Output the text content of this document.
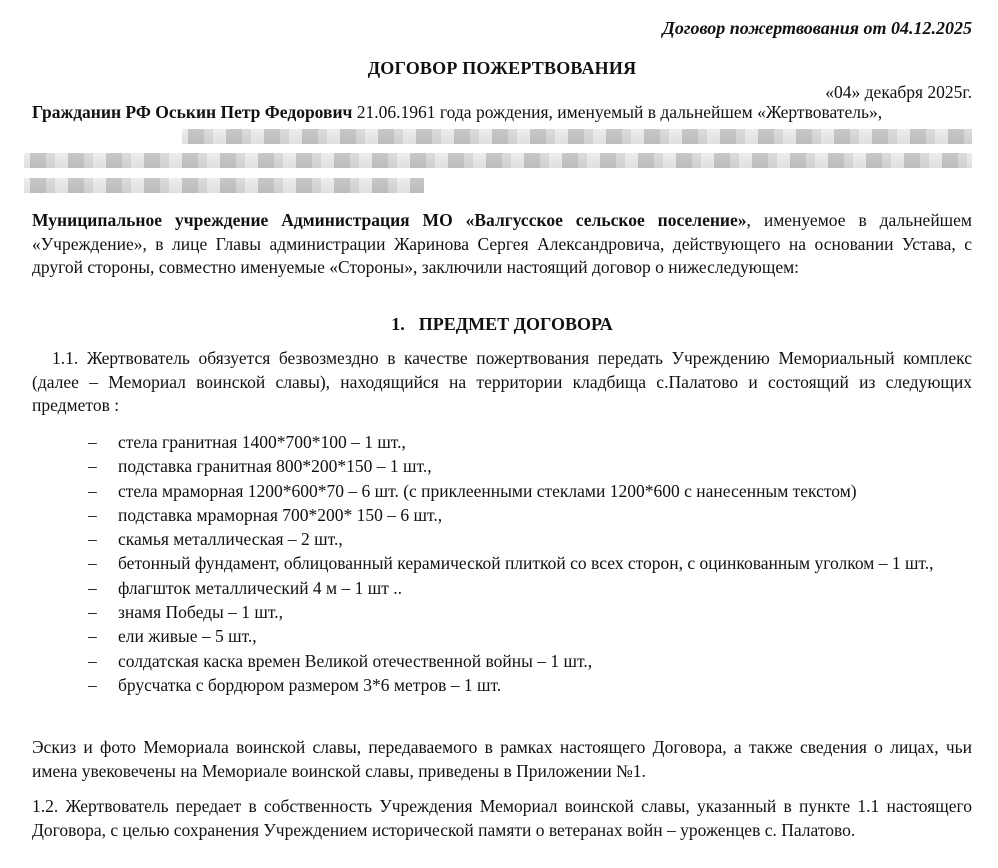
Договор пожертвования от 04.12.2025
ДОГОВОР ПОЖЕРТВОВАНИЯ
«04» декабря 2025г.
Гражданин РФ Оськин Петр Федорович 21.06.1961 года рождения, именуемый в дальнейшем «Жертвователь»,
Муниципальное учреждение Администрация МО «Валгусское сельское поселение», именуемое в дальнейшем «Учреждение», в лице Главы администрации Жаринова Сергея Александровича, действующего на основании Устава, с другой стороны, совместно именуемые «Стороны», заключили настоящий договор о нижеследующем:
1. ПРЕДМЕТ ДОГОВОРА
1.1. Жертвователь обязуется безвозмездно в качестве пожертвования передать Учреждению Мемориальный комплекс (далее – Мемориал воинской славы), находящийся на территории кладбища с.Палатово и состоящий из следующих предметов :
– стела гранитная 1400*700*100 – 1 шт.,
– подставка гранитная 800*200*150 – 1 шт.,
– стела мраморная 1200*600*70 – 6 шт. (с приклеенными стеклами 1200*600 с нанесенным текстом)
– подставка мраморная 700*200* 150 – 6 шт.,
– скамья металлическая – 2 шт.,
– бетонный фундамент, облицованный керамической плиткой со всех сторон, с оцинкованным уголком – 1 шт.,
– флагшток металлический 4 м – 1 шт ..
– знамя Победы – 1 шт.,
– ели живые – 5 шт.,
– солдатская каска времен Великой отечественной войны – 1 шт.,
– брусчатка с бордюром размером 3*6 метров – 1 шт.
Эскиз и фото Мемориала воинской славы, передаваемого в рамках настоящего Договора, а также сведения о лицах, чьи имена увековечены на Мемориале воинской славы, приведены в Приложении №1.
1.2. Жертвователь передает в собственность Учреждения Мемориал воинской славы, указанный в пункте 1.1 настоящего Договора, с целью сохранения Учреждением исторической памяти о ветеранах войн – уроженцев с. Палатово.
